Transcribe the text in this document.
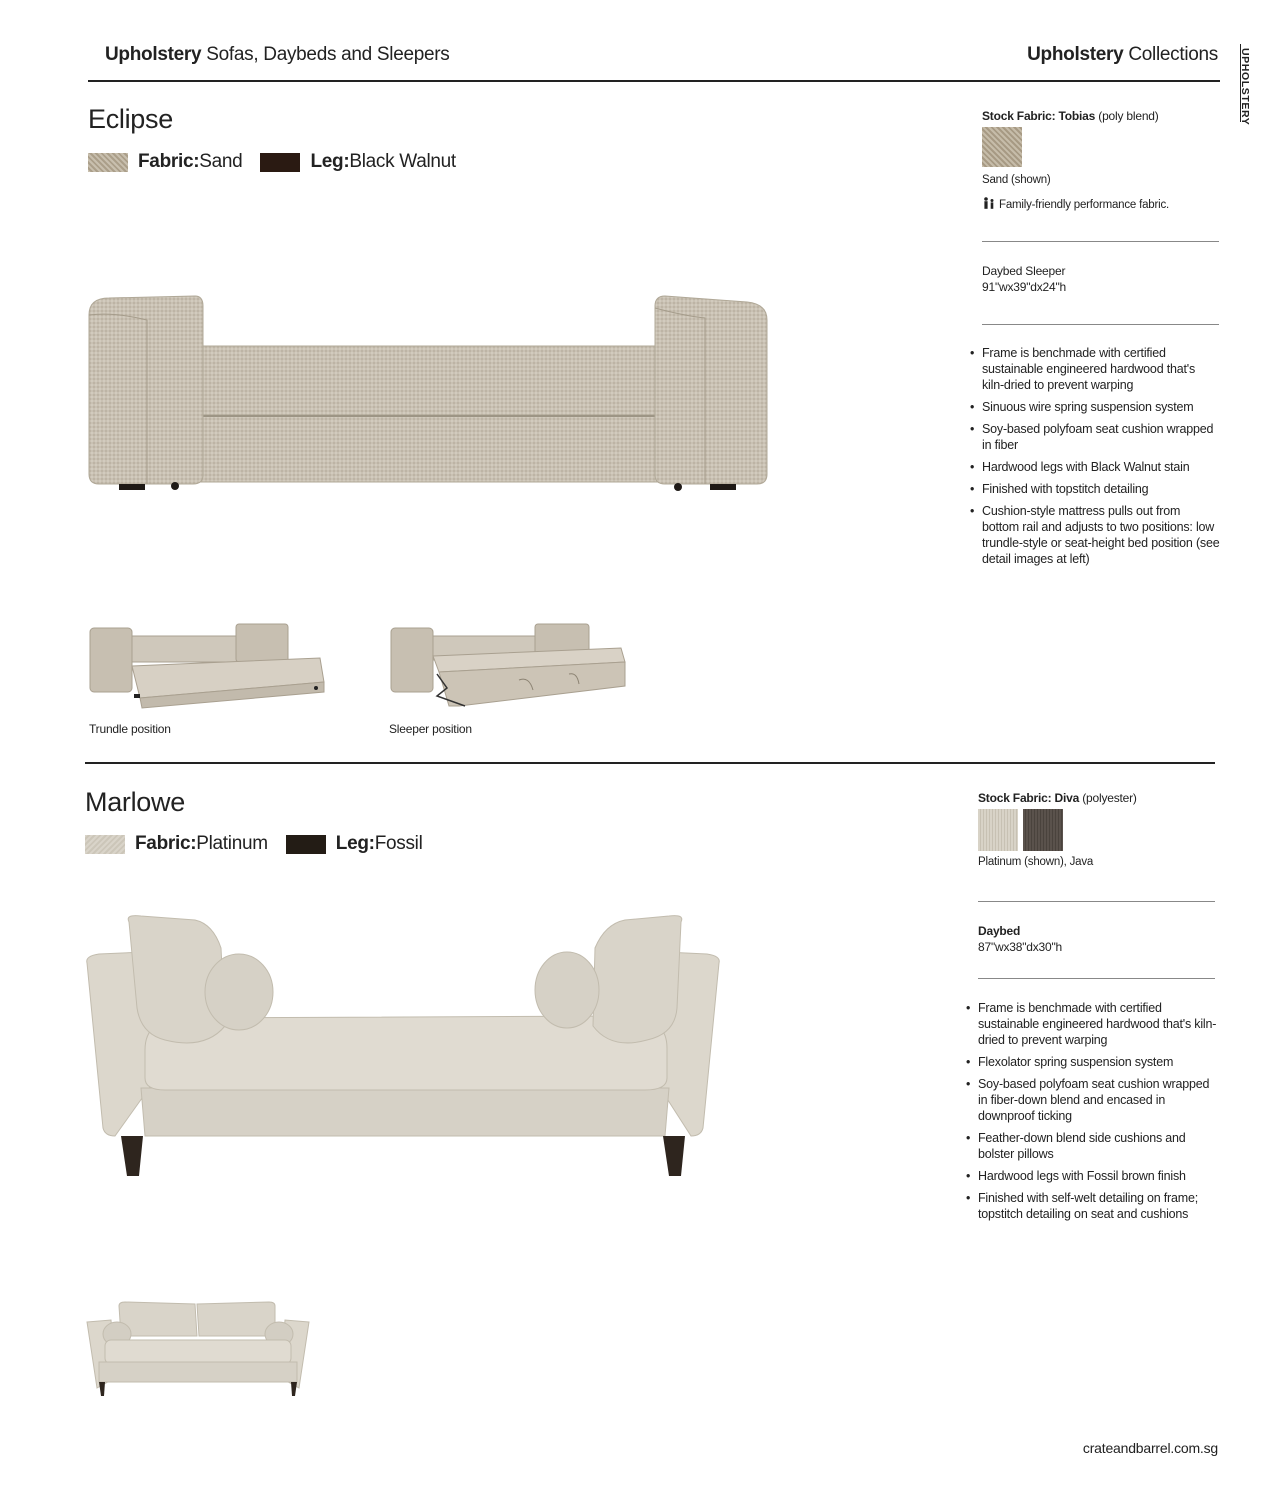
Upholstery Sofas, Daybeds and Sleepers	Upholstery Collections UPHOLSTERY
Eclipse
Fabric: Sand	Leg: Black Walnut
Trundle position	Sleeper position
Stock Fabric: Tobias (poly blend)
Sand (shown)
Family-friendly performance fabric.
Daybed Sleeper
91"wx39"dx24"h
• Frame is benchmade with certified sustainable engineered hardwood that's kiln-dried to prevent warping
• Sinuous wire spring suspension system
• Soy-based polyfoam seat cushion wrapped in fiber
• Hardwood legs with Black Walnut stain
• Finished with topstitch detailing
• Cushion-style mattress pulls out from bottom rail and adjusts to two positions: low trundle-style or seat-height bed position (see detail images at left)
Marlowe
Fabric: Platinum	Leg: Fossil
Stock Fabric: Diva (polyester)
Platinum (shown), Java
Daybed
87"wx38"dx30"h
• Frame is benchmade with certified sustainable engineered hardwood that's kiln-dried to prevent warping
• Flexolator spring suspension system
• Soy-based polyfoam seat cushion wrapped in fiber-down blend and encased in downproof ticking
• Feather-down blend side cushions and bolster pillows
• Hardwood legs with Fossil brown finish
• Finished with self-welt detailing on frame; topstitch detailing on seat and cushions
crateandbarrel.com.sg
